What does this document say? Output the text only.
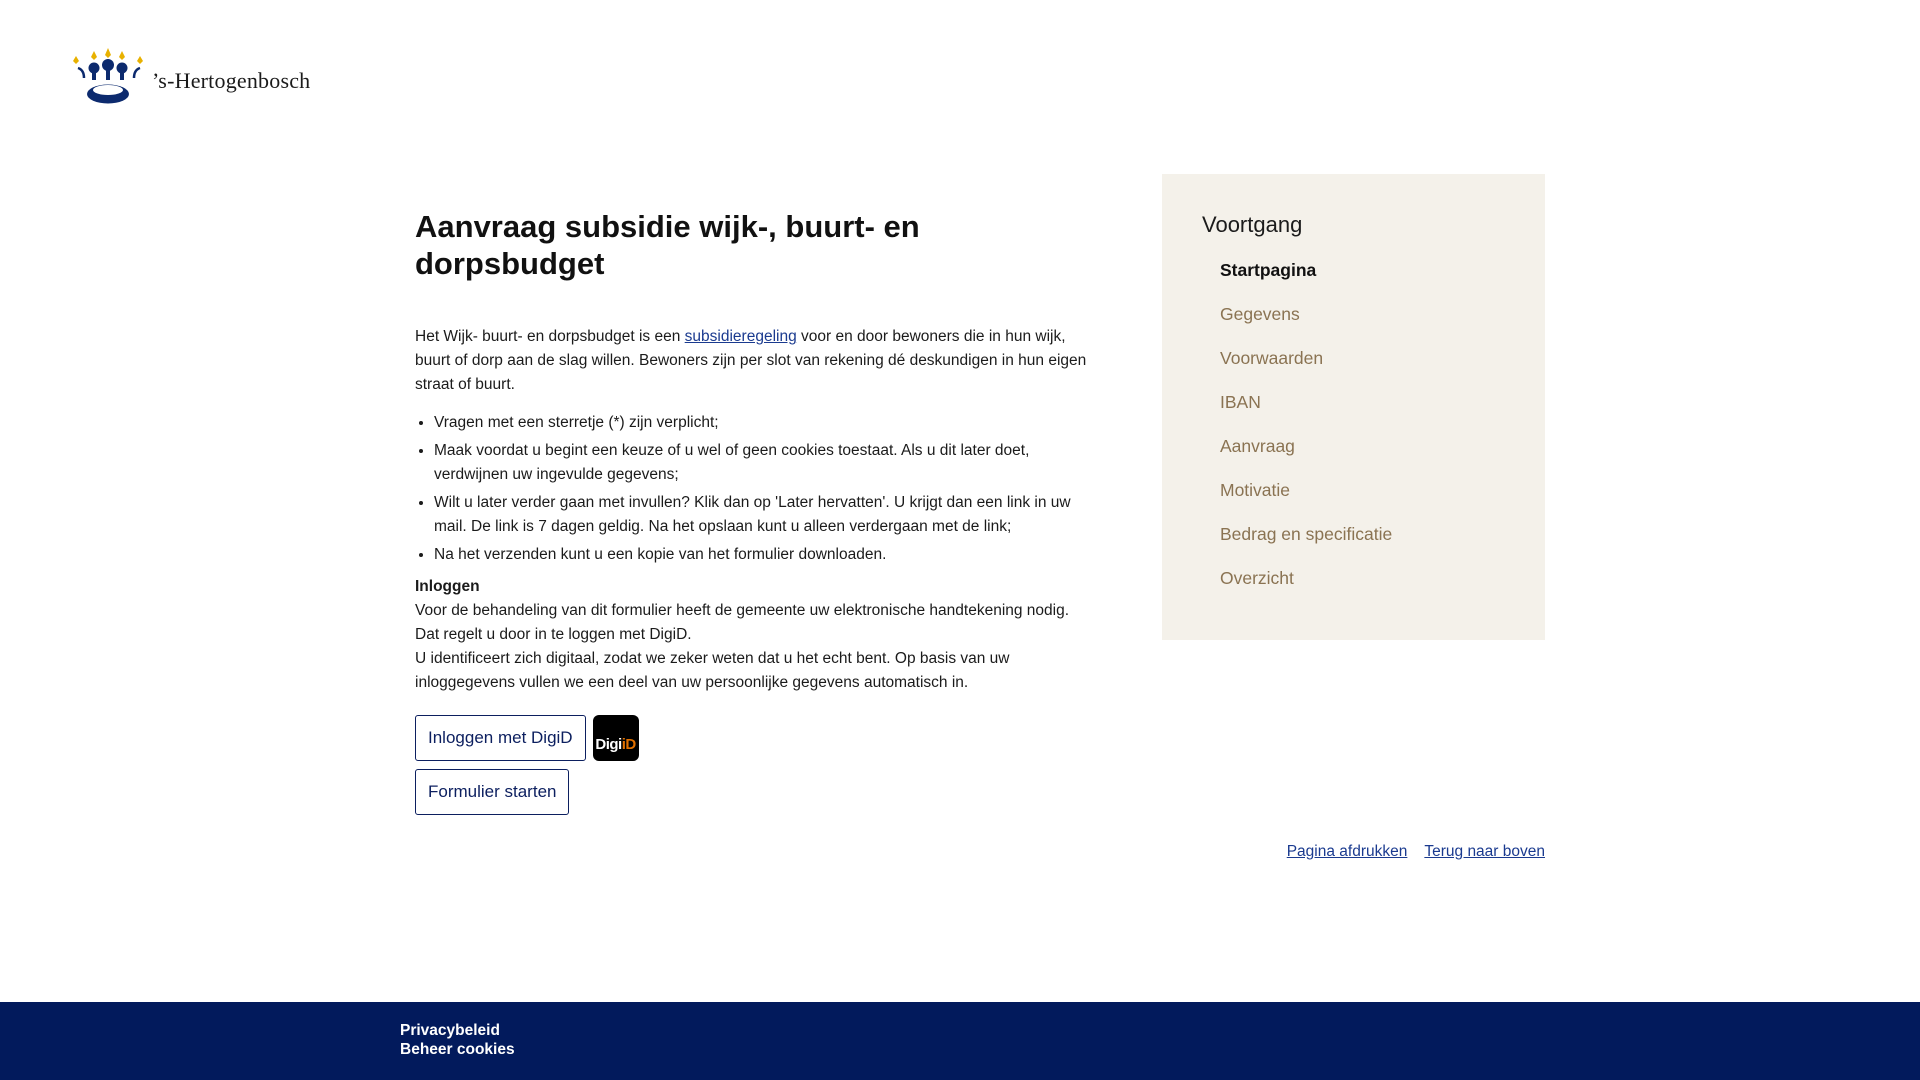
’s-Hertogenbosch
Aanvraag subsidie wijk-, buurt- en dorpsbudget

Het Wijk- buurt- en dorpsbudget is een subsidieregeling voor en door bewoners die in hun wijk, buurt of dorp aan de slag willen. Bewoners zijn per slot van rekening dé deskundigen in hun eigen straat of buurt.

• Vragen met een sterretje (*) zijn verplicht;
• Maak voordat u begint een keuze of u wel of geen cookies toestaat. Als u dit later doet, verdwijnen uw ingevulde gegevens;
• Wilt u later verder gaan met invullen? Klik dan op 'Later hervatten'. U krijgt dan een link in uw mail. De link is 7 dagen geldig. Na het opslaan kunt u alleen verdergaan met de link;
• Na het verzenden kunt u een kopie van het formulier downloaden.

Inloggen

Voor de behandeling van dit formulier heeft de gemeente uw elektronische handtekening nodig.

Dat regelt u door in te loggen met DigiD.

U identificeert zich digitaal, zodat we zeker weten dat u het echt bent. Op basis van uw inloggegevens vullen we een deel van uw persoonlijke gegevens automatisch in.

Inloggen met DigiD	Digi iD
Formulier starten
Voortgang
Startpagina
Gegevens
Voorwaarden
IBAN
Aanvraag
Motivatie
Bedrag en specificatie
Overzicht
Pagina afdrukken Terug naar boven
Privacybeleid
Beheer cookies
